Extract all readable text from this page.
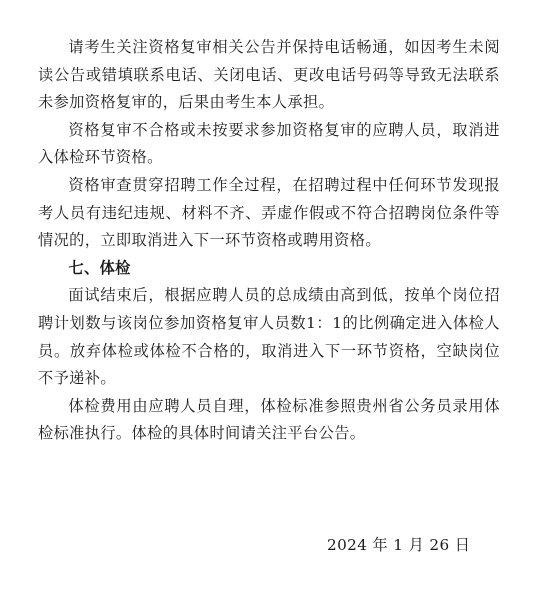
请考生关注资格复审相关公告并保持电话畅通，如因考生未阅读公告或错填联系电话、关闭电话、更改电话号码等导致无法联系未参加资格复审的，后果由考生本人承担。

资格复审不合格或未按要求参加资格复审的应聘人员，取消进入体检环节资格。

资格审查贯穿招聘工作全过程，在招聘过程中任何环节发现报考人员有违纪违规、材料不齐、弄虚作假或不符合招聘岗位条件等情况的，立即取消进入下一环节资格或聘用资格。

七、体检

面试结束后，根据应聘人员的总成绩由高到低，按单个岗位招聘计划数与该岗位参加资格复审人员数1：1的比例确定进入体检人员。放弃体检或体检不合格的，取消进入下一环节资格，空缺岗位不予递补。

体检费用由应聘人员自理，体检标准参照贵州省公务员录用体检标准执行。体检的具体时间请关注平台公告。

2024 年 1 月 26 日
